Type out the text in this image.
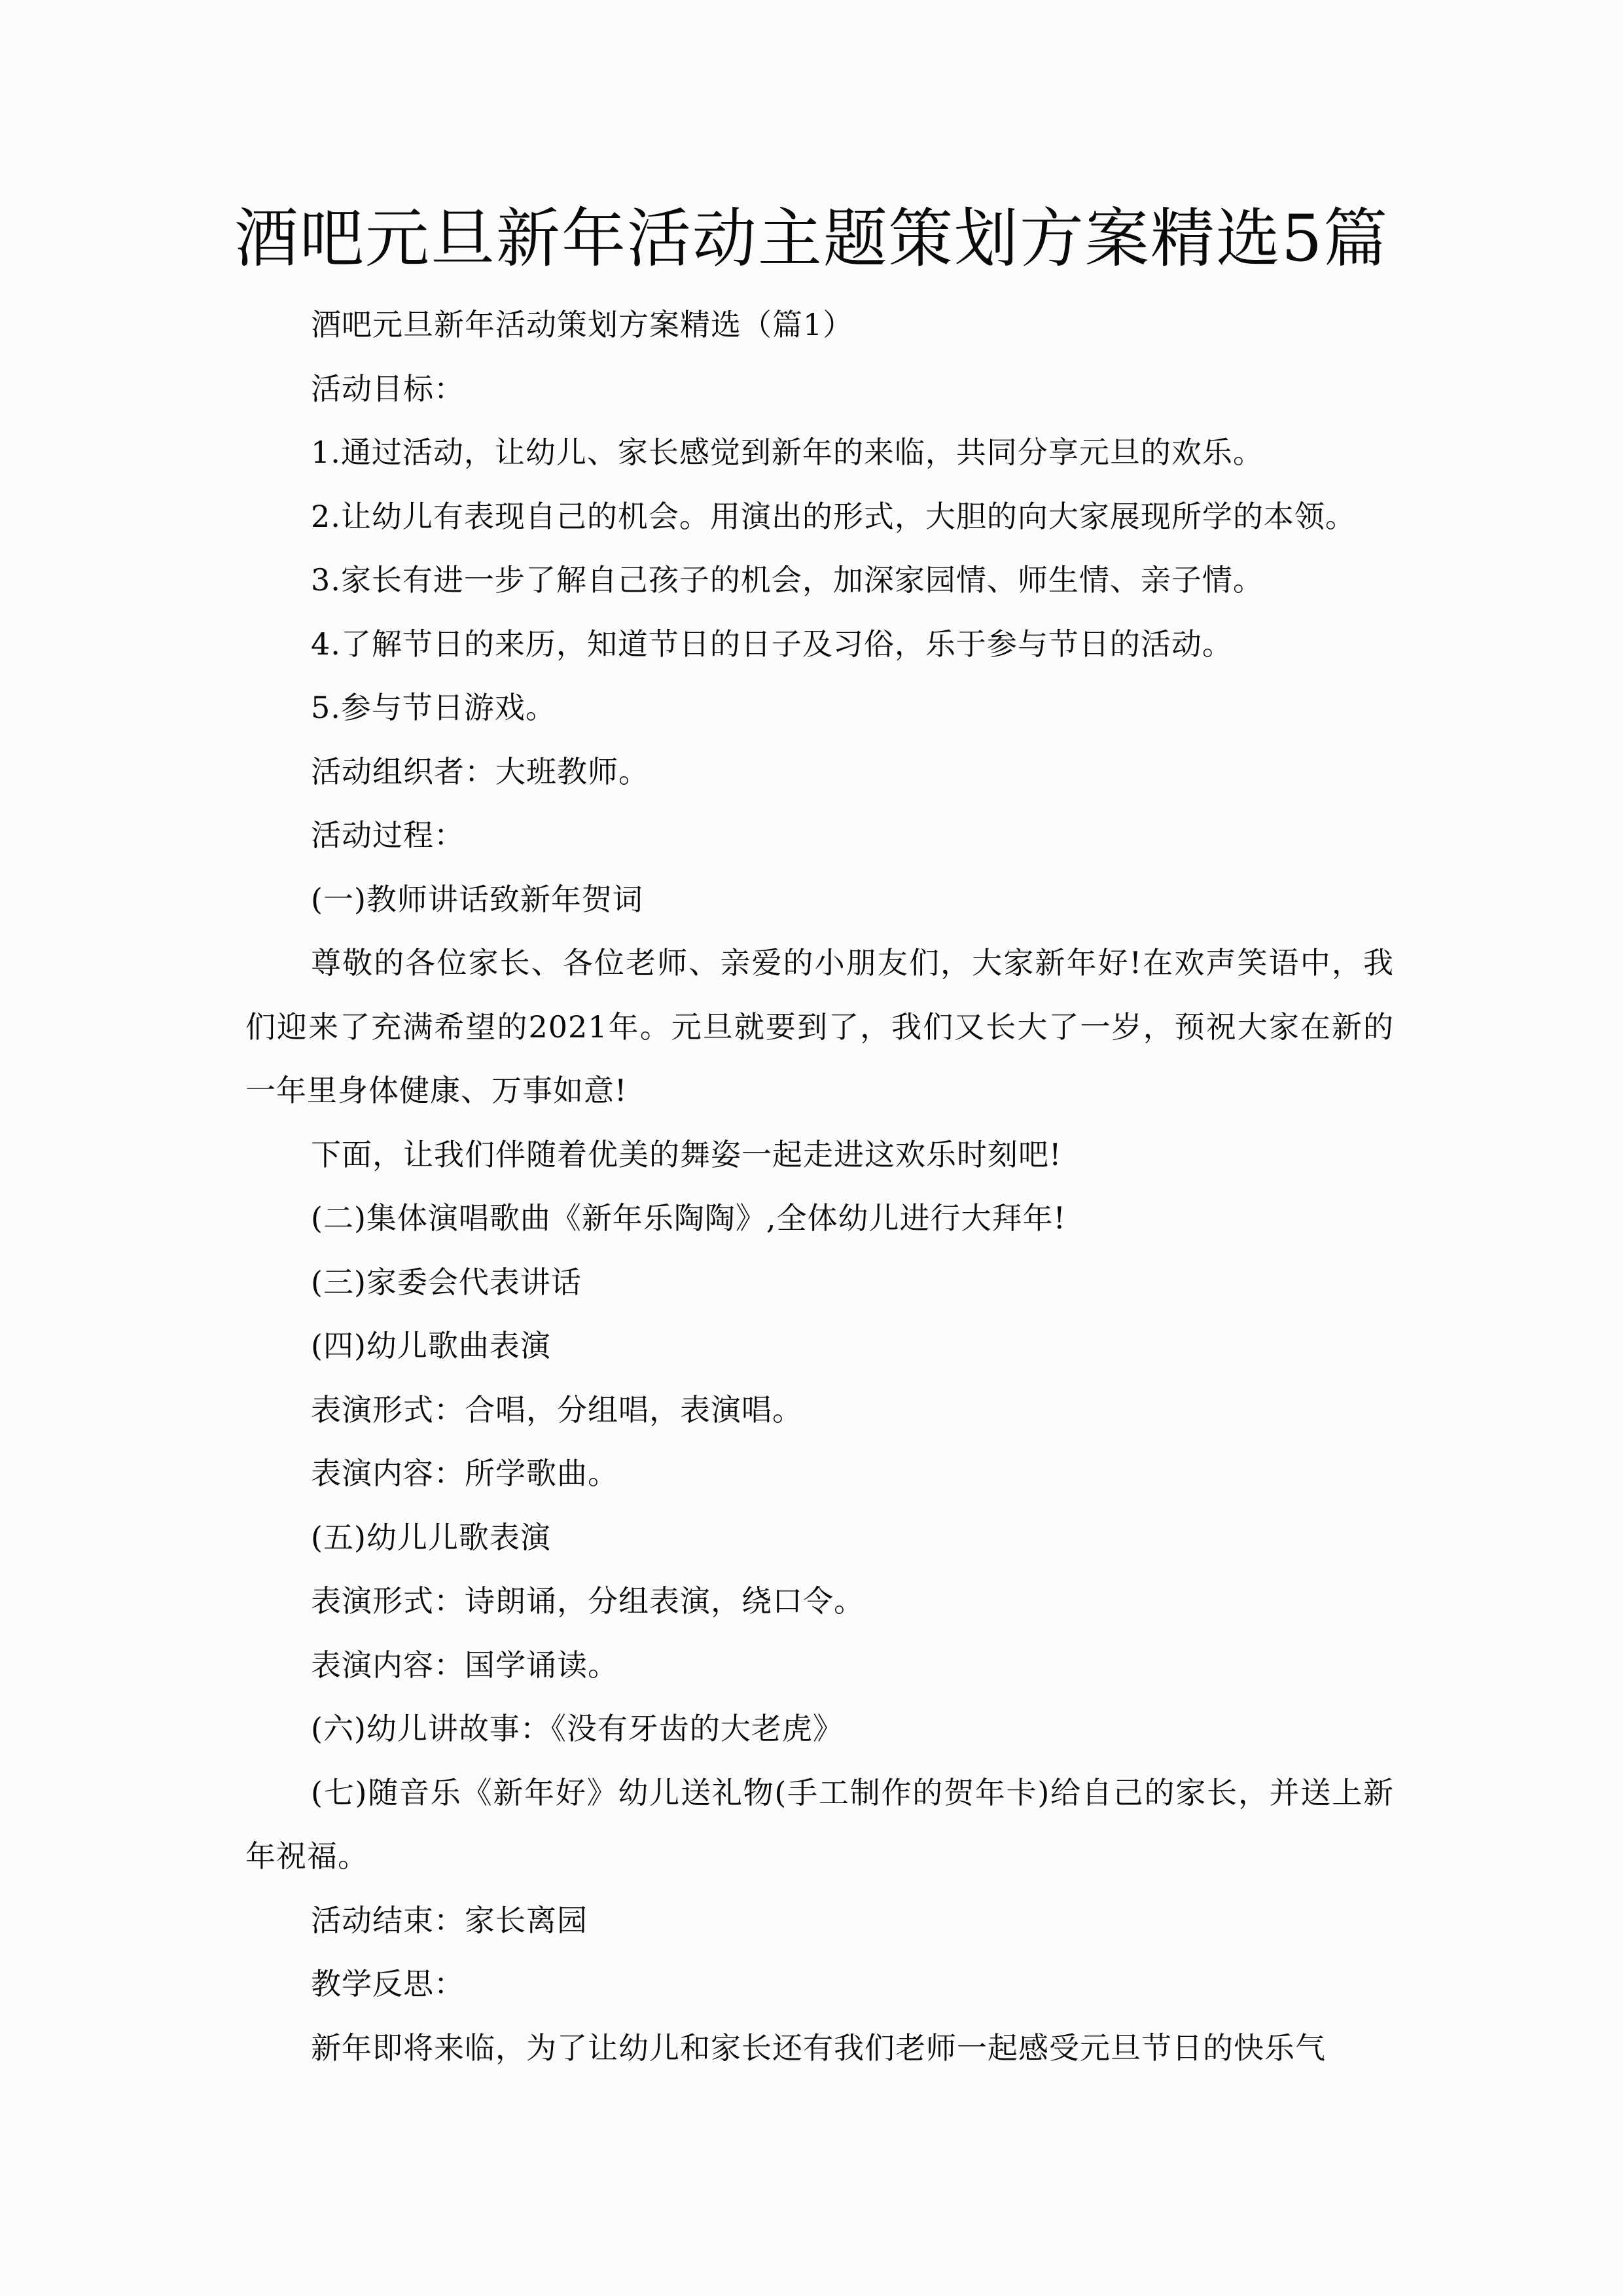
酒吧元旦新年活动主题策划方案精选5篇

酒吧元旦新年活动策划方案精选（篇1）

活动目标：

1.通过活动，让幼儿、家长感觉到新年的来临，共同分享元旦的欢乐。

2.让幼儿有表现自己的机会。用演出的形式，大胆的向大家展现所学的本领。

3.家长有进一步了解自己孩子的机会，加深家园情、师生情、亲子情。

4.了解节日的来历，知道节日的日子及习俗，乐于参与节日的活动。

5.参与节日游戏。

活动组织者：大班教师。

活动过程：

(一)教师讲话致新年贺词

尊敬的各位家长、各位老师、亲爱的小朋友们，大家新年好!在欢声笑语中，我们迎来了充满希望的2021年。元旦就要到了，我们又长大了一岁，预祝大家在新的一年里身体健康、万事如意!

下面，让我们伴随着优美的舞姿一起走进这欢乐时刻吧!

(二)集体演唱歌曲《新年乐陶陶》,全体幼儿进行大拜年!

(三)家委会代表讲话

(四)幼儿歌曲表演

表演形式：合唱，分组唱，表演唱。

表演内容：所学歌曲。

(五)幼儿儿歌表演

表演形式：诗朗诵，分组表演，绕口令。

表演内容：国学诵读。

(六)幼儿讲故事：《没有牙齿的大老虎》

(七)随音乐《新年好》幼儿送礼物(手工制作的贺年卡)给自己的家长，并送上新年祝福。

活动结束：家长离园

教学反思：

新年即将来临，为了让幼儿和家长还有我们老师一起感受元旦节日的快乐气
